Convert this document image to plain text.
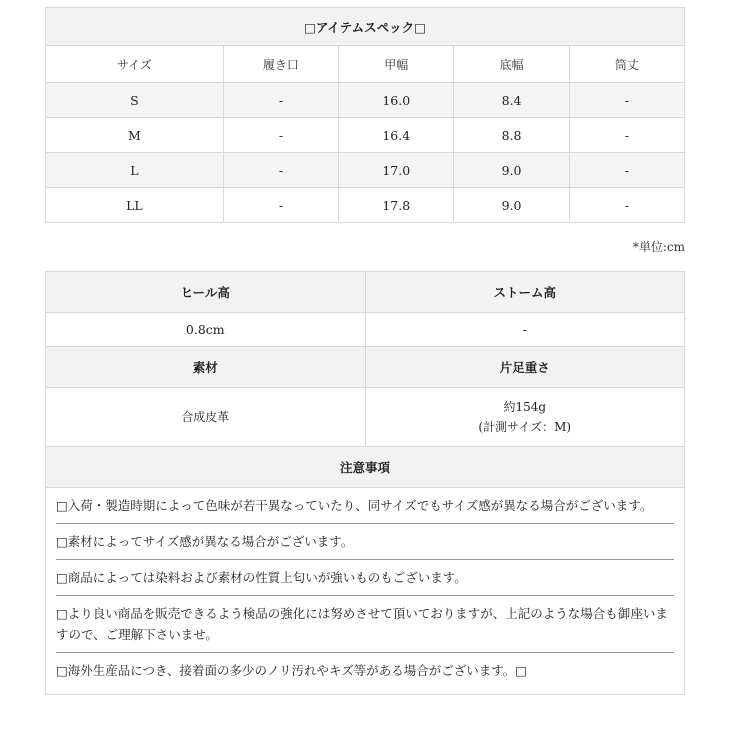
□アイテムスペック□				
サイズ	履き口	甲幅	底幅	筒丈
S	-	16.0	8.4	-
M	-	16.4	8.8	-
L	-	17.0	9.0	-
LL	-	17.8	9.0	-
*単位:cm
ヒール高	ストーム高
0.8cm	-
素材	片足重さ
合成皮革	約154g
(計測サイズ：M)

注意事項	

□入荷・製造時期によって色味が若干異なっていたり、同サイズでもサイズ感が異なる場合がございます。
□素材によってサイズ感が異なる場合がございます。
□商品によっては染料および素材の性質上匂いが強いものもございます。
□より良い商品を販売できるよう検品の強化には努めさせて頂いておりますが、上記のような場合も御座いますので、ご理解下さいませ。
□海外生産品につき、接着面の多少のノリ汚れやキズ等がある場合がございます。□	
